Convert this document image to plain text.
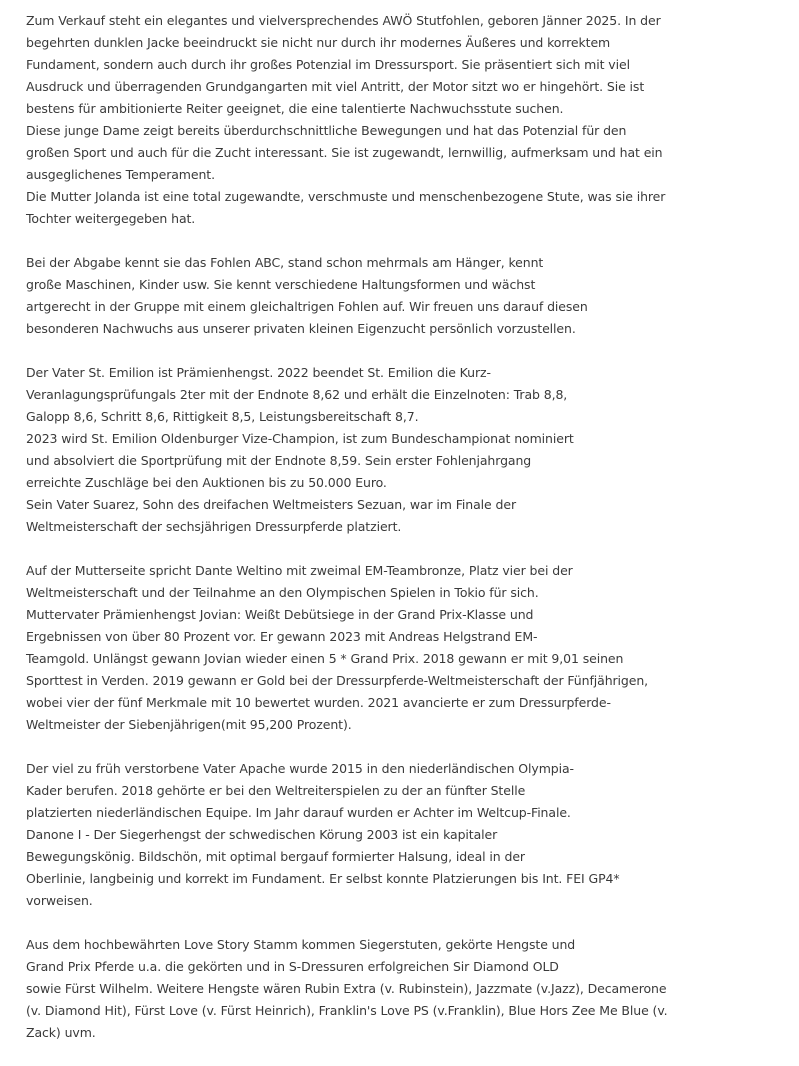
Zum Verkauf steht ein elegantes und vielversprechendes AWÖ Stutfohlen, geboren Jänner 2025. In der
begehrten dunklen Jacke beeindruckt sie nicht nur durch ihr modernes Äußeres und korrektem
Fundament, sondern auch durch ihr großes Potenzial im Dressursport. Sie präsentiert sich mit viel
Ausdruck und überragenden Grundgangarten mit viel Antritt, der Motor sitzt wo er hingehört. Sie ist
bestens für ambitionierte Reiter geeignet, die eine talentierte Nachwuchsstute suchen.
Diese junge Dame zeigt bereits überdurchschnittliche Bewegungen und hat das Potenzial für den
großen Sport und auch für die Zucht interessant. Sie ist zugewandt, lernwillig, aufmerksam und hat ein
ausgeglichenes Temperament.
Die Mutter Jolanda ist eine total zugewandte, verschmuste und menschenbezogene Stute, was sie ihrer
Tochter weitergegeben hat.
Bei der Abgabe kennt sie das Fohlen ABC, stand schon mehrmals am Hänger, kennt
große Maschinen, Kinder usw. Sie kennt verschiedene Haltungsformen und wächst
artgerecht in der Gruppe mit einem gleichaltrigen Fohlen auf. Wir freuen uns darauf diesen
besonderen Nachwuchs aus unserer privaten kleinen Eigenzucht persönlich vorzustellen.
Der Vater St. Emilion ist Prämienhengst. 2022 beendet St. Emilion die Kurz-
Veranlagungsprüfungals 2ter mit der Endnote 8,62 und erhält die Einzelnoten: Trab 8,8,
Galopp 8,6, Schritt 8,6, Rittigkeit 8,5, Leistungsbereitschaft 8,7.
2023 wird St. Emilion Oldenburger Vize-Champion, ist zum Bundeschampionat nominiert
und absolviert die Sportprüfung mit der Endnote 8,59. Sein erster Fohlenjahrgang
erreichte Zuschläge bei den Auktionen bis zu 50.000 Euro.
Sein Vater Suarez, Sohn des dreifachen Weltmeisters Sezuan, war im Finale der
Weltmeisterschaft der sechsjährigen Dressurpferde platziert.
Auf der Mutterseite spricht Dante Weltino mit zweimal EM-Teambronze, Platz vier bei der
Weltmeisterschaft und der Teilnahme an den Olympischen Spielen in Tokio für sich.
Muttervater Prämienhengst Jovian: Weißt Debütsiege in der Grand Prix-Klasse und
Ergebnissen von über 80 Prozent vor. Er gewann 2023 mit Andreas Helgstrand EM-
Teamgold. Unlängst gewann Jovian wieder einen 5 * Grand Prix. 2018 gewann er mit 9,01 seinen
Sporttest in Verden. 2019 gewann er Gold bei der Dressurpferde-Weltmeisterschaft der Fünfjährigen,
wobei vier der fünf Merkmale mit 10 bewertet wurden. 2021 avancierte er zum Dressurpferde-
Weltmeister der Siebenjährigen(mit 95,200 Prozent).
Der viel zu früh verstorbene Vater Apache wurde 2015 in den niederländischen Olympia-
Kader berufen. 2018 gehörte er bei den Weltreiterspielen zu der an fünfter Stelle
platzierten niederländischen Equipe. Im Jahr darauf wurden er Achter im Weltcup-Finale.
Danone I - Der Siegerhengst der schwedischen Körung 2003 ist ein kapitaler
Bewegungskönig. Bildschön, mit optimal bergauf formierter Halsung, ideal in der
Oberlinie, langbeinig und korrekt im Fundament. Er selbst konnte Platzierungen bis Int. FEI GP4*
vorweisen.
Aus dem hochbewährten Love Story Stamm kommen Siegerstuten, gekörte Hengste und
Grand Prix Pferde u.a. die gekörten und in S-Dressuren erfolgreichen Sir Diamond OLD
sowie Fürst Wilhelm. Weitere Hengste wären Rubin Extra (v. Rubinstein), Jazzmate (v.Jazz), Decamerone
(v. Diamond Hit), Fürst Love (v. Fürst Heinrich), Franklin's Love PS (v.Franklin), Blue Hors Zee Me Blue (v.
Zack) uvm.
